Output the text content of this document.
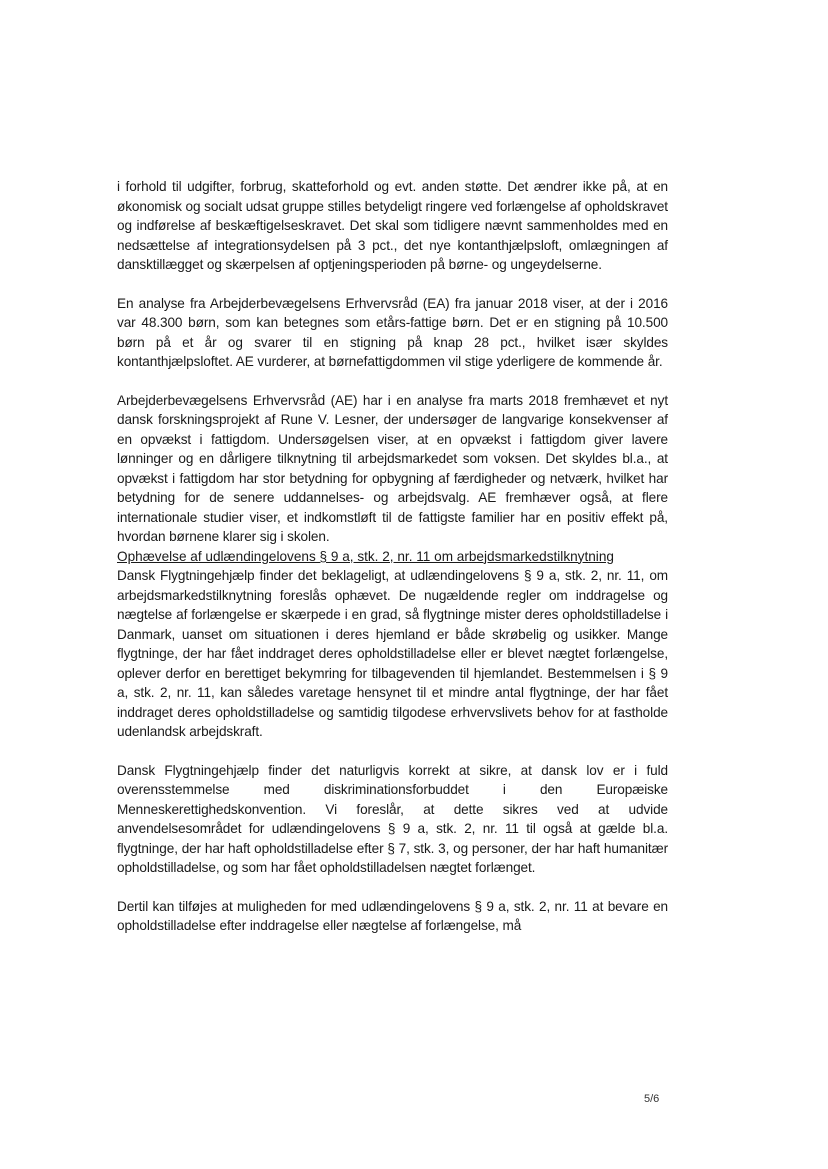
i forhold til udgifter, forbrug, skatteforhold og evt. anden støtte. Det ændrer ikke på, at en økonomisk og socialt udsat gruppe stilles betydeligt ringere ved forlængelse af opholdskravet og indførelse af beskæftigelseskravet. Det skal som tidligere nævnt sammenholdes med en nedsættelse af integrationsydelsen på 3 pct., det nye kontanthjælpsloft, omlægningen af dansktillægget og skærpelsen af optjeningsperioden på børne- og ungeydelserne.

En analyse fra Arbejderbevægelsens Erhvervsråd (EA) fra januar 2018 viser, at der i 2016 var 48.300 børn, som kan betegnes som etårs-fattige børn. Det er en stigning på 10.500 børn på et år og svarer til en stigning på knap 28 pct., hvilket især skyldes kontanthjælpsloftet. AE vurderer, at børnefattigdommen vil stige yderligere de kommende år.

Arbejderbevægelsens Erhvervsråd (AE) har i en analyse fra marts 2018 fremhævet et nyt dansk forskningsprojekt af Rune V. Lesner, der undersøger de langvarige konsekvenser af en opvækst i fattigdom. Undersøgelsen viser, at en opvækst i fattigdom giver lavere lønninger og en dårligere tilknytning til arbejdsmarkedet som voksen. Det skyldes bl.a., at opvækst i fattigdom har stor betydning for opbygning af færdigheder og netværk, hvilket har betydning for de senere uddannelses- og arbejdsvalg. AE fremhæver også, at flere internationale studier viser, et indkomstløft til de fattigste familier har en positiv effekt på, hvordan børnene klarer sig i skolen.

Ophævelse af udlændingelovens § 9 a, stk. 2, nr. 11 om arbejdsmarkedstilknytning

Dansk Flygtningehjælp finder det beklageligt, at udlændingelovens § 9 a, stk. 2, nr. 11, om arbejdsmarkedstilknytning foreslås ophævet. De nugældende regler om inddragelse og nægtelse af forlængelse er skærpede i en grad, så flygtninge mister deres opholdstilladelse i Danmark, uanset om situationen i deres hjemland er både skrøbelig og usikker. Mange flygtninge, der har fået inddraget deres opholdstilladelse eller er blevet nægtet forlængelse, oplever derfor en berettiget bekymring for tilbagevenden til hjemlandet. Bestemmelsen i § 9 a, stk. 2, nr. 11, kan således varetage hensynet til et mindre antal flygtninge, der har fået inddraget deres opholdstilladelse og samtidig tilgodese erhvervslivets behov for at fastholde udenlandsk arbejdskraft.

Dansk Flygtningehjælp finder det naturligvis korrekt at sikre, at dansk lov er i fuld overensstemmelse med diskriminationsforbuddet i den Europæiske Menneskerettighedskonvention. Vi foreslår, at dette sikres ved at udvide anvendelsesområdet for udlændingelovens § 9 a, stk. 2, nr. 11 til også at gælde bl.a. flygtninge, der har haft opholdstilladelse efter § 7, stk. 3, og personer, der har haft humanitær opholdstilladelse, og som har fået opholdstilladelsen nægtet forlænget.

Dertil kan tilføjes at muligheden for med udlændingelovens § 9 a, stk. 2, nr. 11 at bevare en opholdstilladelse efter inddragelse eller nægtelse af forlængelse, må

5/6
